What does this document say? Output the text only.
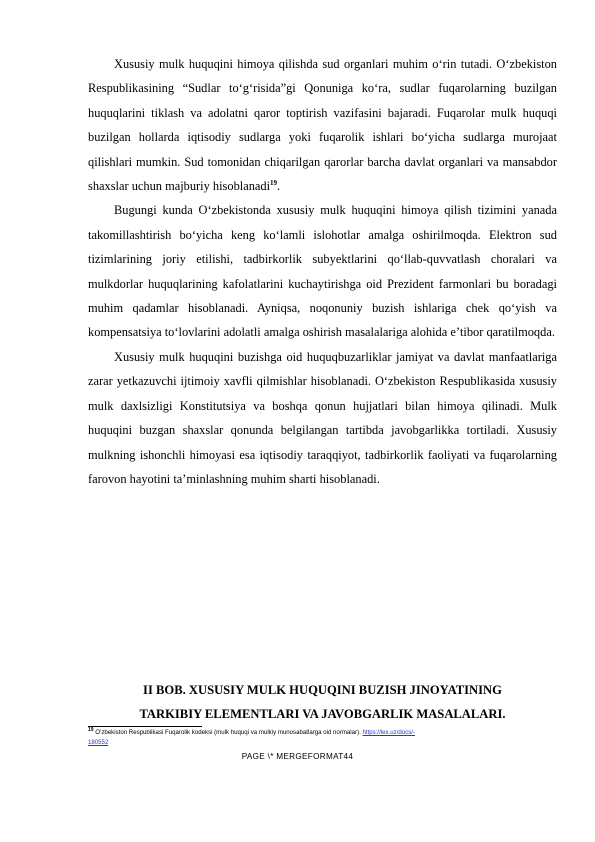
Xususiy mulk huquqini himoya qilishda sud organlari muhim oʻrin tutadi. Oʻzbekiston Respublikasining “Sudlar toʻgʻrisida”gi Qonuniga koʻra, sudlar fuqarolarning buzilgan huquqlarini tiklash va adolatni qaror toptirish vazifasini bajaradi. Fuqarolar mulk huquqi buzilgan hollarda iqtisodiy sudlarga yoki fuqarolik ishlari boʻyicha sudlarga murojaat qilishlari mumkin. Sud tomonidan chiqarilgan qarorlar barcha davlat organlari va mansabdor shaxslar uchun majburiy hisoblanadi$^{19}$.

Bugungi kunda Oʻzbekistonda xususiy mulk huquqini himoya qilish tizimini yanada takomillashtirish boʻyicha keng koʻlamli islohotlar amalga oshirilmoqda. Elektron sud tizimlarining joriy etilishi, tadbirkorlik subyektlarini qoʻllab-quvvatlash choralari va mulkdorlar huquqlarining kafolatlarini kuchaytirishga oid Prezident farmonlari bu boradagi muhim qadamlar hisoblanadi. Ayniqsa, noqonuniy buzish ishlariga chek qoʻyish va kompensatsiya toʻlovlarini adolatli amalga oshirish masalalariga alohida eʼtibor qaratilmoqda.

Xususiy mulk huquqini buzishga oid huquqbuzarliklar jamiyat va davlat manfaatlariga zarar yetkazuvchi ijtimoiy xavfli qilmishlar hisoblanadi. Oʻzbekiston Respublikasida xususiy mulk daxlsizligi Konstitutsiya va boshqa qonun hujjatlari bilan himoya qilinadi. Mulk huquqini buzgan shaxslar qonunda belgilangan tartibda javobgarlikka tortiladi. Xususiy mulkning ishonchli himoyasi esa iqtisodiy taraqqiyot, tadbirkorlik faoliyati va fuqarolarning farovon hayotini taʼminlashning muhim sharti hisoblanadi.

II BOB. XUSUSIY MULK HUQUQINI BUZISH JINOYATINING
TARKIBIY ELEMENTLARI VA JAVOBGARLIK MASALALARI.
$^{19}$ Oʻzbekiston Respublikasi Fuqarolik kodeksi (mulk huquqi va mulkiy munosabatlarga oid normalar). https://lex.uz/docs/-
180552
PAGE \* MERGEFORMAT44
